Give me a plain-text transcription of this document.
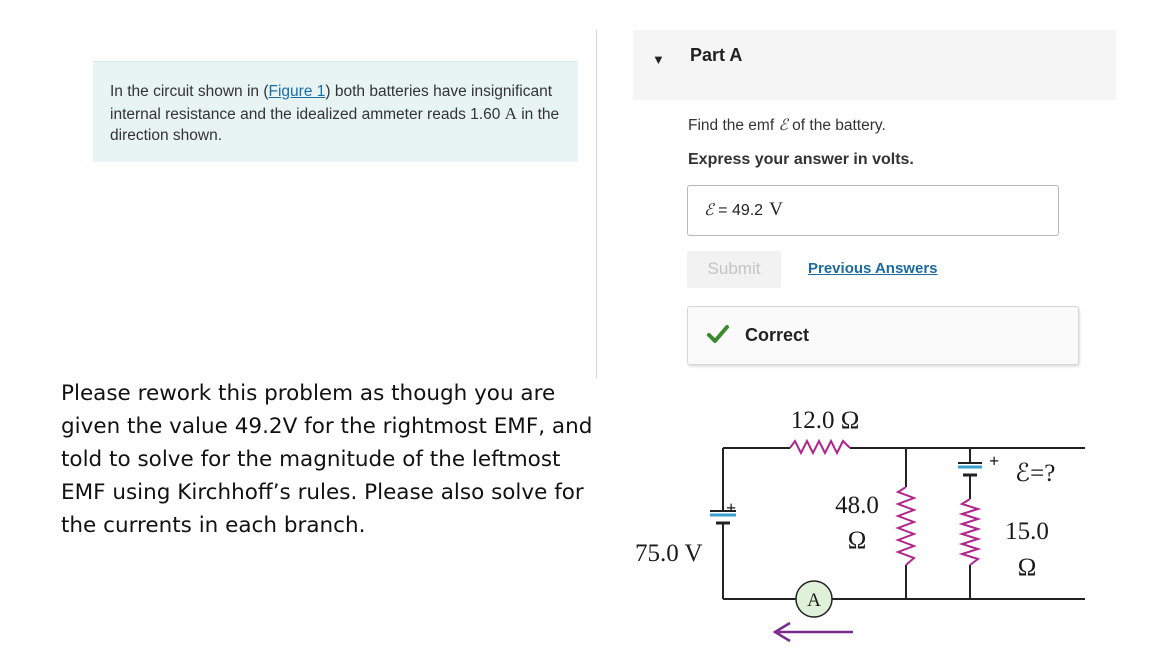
In the circuit shown in (Figure 1) both batteries have insignificant internal resistance and the idealized ammeter reads 1.60 A in the direction shown.
Please rework this problem as though you are given the value 49.2V for the rightmost EMF, and told to solve for the magnitude of the leftmost EMF using Kirchhoff’s rules. Please also solve for the currents in each branch.
▼ Part A
Find the emf ℰ of the battery.
Express your answer in volts.
ℰ = 49.2 V
Submit	Previous Answers
Correct
A
12.0 Ω
48.0
Ω	15.0
Ω
75.0 V
ℰ=?
+
+
